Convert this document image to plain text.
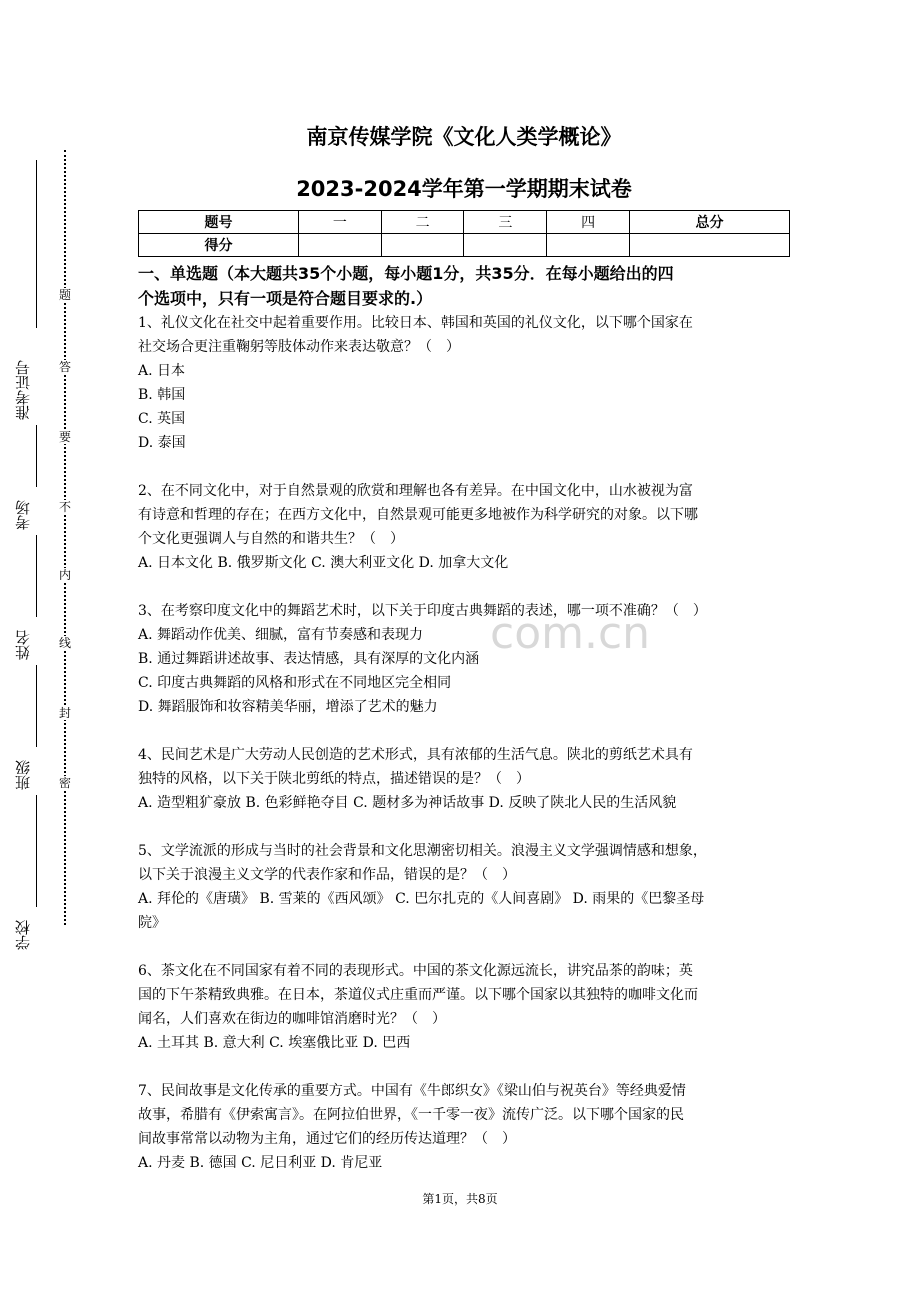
准考证号
考场
姓名
班级
学校
题
答
要
不
内
线
封
密
com.cn
南京传媒学院《文化人类学概论》
2023-2024学年第一学期期末试卷
题号	一	二	三	四	总分
得分					
一、单选题（本大题共35个小题，每小题1分，共35分．在每小题给出的四
个选项中，只有一项是符合题目要求的.）

1、礼仪文化在社交中起着重要作用。比较日本、韩国和英国的礼仪文化，以下哪个国家在

社交场合更注重鞠躬等肢体动作来表达敬意？（　）

A. 日本

B. 韩国

C. 英国

D. 泰国

2、在不同文化中，对于自然景观的欣赏和理解也各有差异。在中国文化中，山水被视为富

有诗意和哲理的存在；在西方文化中，自然景观可能更多地被作为科学研究的对象。以下哪

个文化更强调人与自然的和谐共生？（　）

A. 日本文化 B. 俄罗斯文化 C. 澳大利亚文化 D. 加拿大文化

3、在考察印度文化中的舞蹈艺术时，以下关于印度古典舞蹈的表述，哪一项不准确？（　）

A. 舞蹈动作优美、细腻，富有节奏感和表现力

B. 通过舞蹈讲述故事、表达情感，具有深厚的文化内涵

C. 印度古典舞蹈的风格和形式在不同地区完全相同

D. 舞蹈服饰和妆容精美华丽，增添了艺术的魅力

4、民间艺术是广大劳动人民创造的艺术形式，具有浓郁的生活气息。陕北的剪纸艺术具有

独特的风格，以下关于陕北剪纸的特点，描述错误的是？（　）

A. 造型粗犷豪放 B. 色彩鲜艳夺目 C. 题材多为神话故事 D. 反映了陕北人民的生活风貌

5、文学流派的形成与当时的社会背景和文化思潮密切相关。浪漫主义文学强调情感和想象，

以下关于浪漫主义文学的代表作家和作品，错误的是？（　）

A. 拜伦的《唐璜》 B. 雪莱的《西风颂》 C. 巴尔扎克的《人间喜剧》 D. 雨果的《巴黎圣母

院》

6、茶文化在不同国家有着不同的表现形式。中国的茶文化源远流长，讲究品茶的韵味；英

国的下午茶精致典雅。在日本，茶道仪式庄重而严谨。以下哪个国家以其独特的咖啡文化而

闻名，人们喜欢在街边的咖啡馆消磨时光？（　）

A. 土耳其 B. 意大利 C. 埃塞俄比亚 D. 巴西

7、民间故事是文化传承的重要方式。中国有《牛郎织女》《梁山伯与祝英台》等经典爱情

故事，希腊有《伊索寓言》。在阿拉伯世界，《一千零一夜》流传广泛。以下哪个国家的民

间故事常常以动物为主角，通过它们的经历传达道理？（　）

A. 丹麦 B. 德国 C. 尼日利亚 D. 肯尼亚

第1页，共8页
